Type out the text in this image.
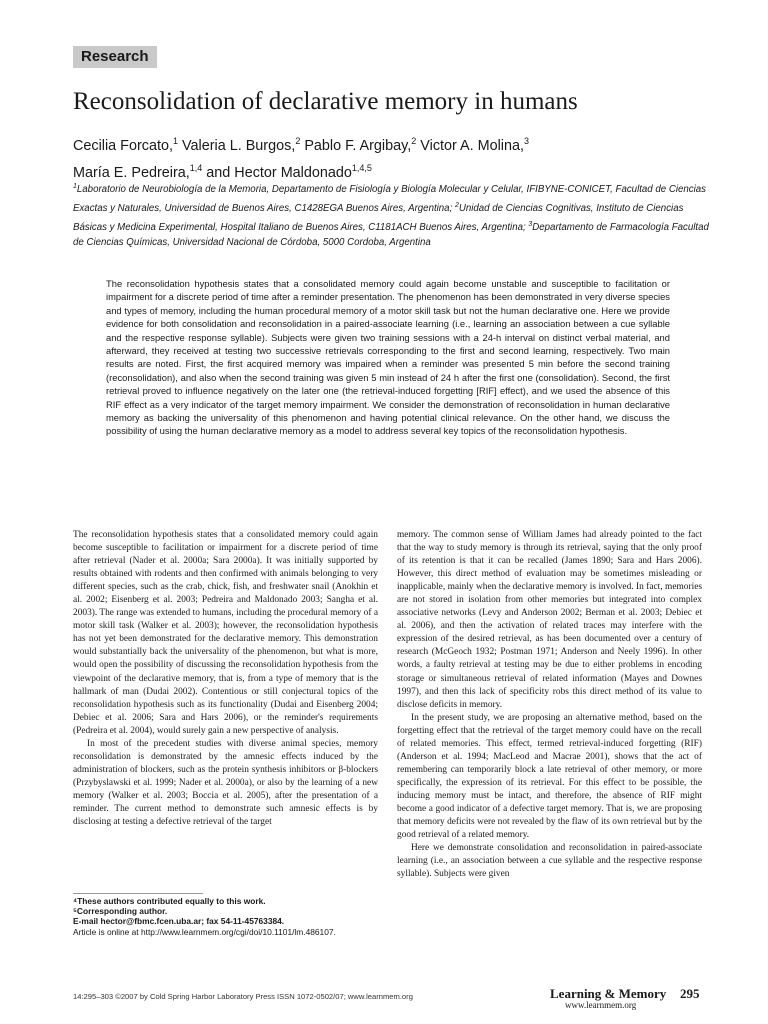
Research
Reconsolidation of declarative memory in humans
Cecilia Forcato,$^1$ Valeria L. Burgos,$^2$ Pablo F. Argibay,$^2$ Victor A. Molina,$^3$
María E. Pedreira,$^{1,4}$ and Hector Maldonado$^{1,4,5}$
$^1$Laboratorio de Neurobiología de la Memoria, Departamento de Fisiología y Biología Molecular y Celular, IFIBYNE-CONICET, Facultad de Ciencias Exactas y Naturales, Universidad de Buenos Aires, C1428EGA Buenos Aires, Argentina; $^2$Unidad de Ciencias Cognitivas, Instituto de Ciencias Básicas y Medicina Experimental, Hospital Italiano de Buenos Aires, C1181ACH Buenos Aires, Argentina; $^3$Departamento de Farmacología Facultad de Ciencias Químicas, Universidad Nacional de Córdoba, 5000 Cordoba, Argentina
The reconsolidation hypothesis states that a consolidated memory could again become unstable and susceptible to facilitation or impairment for a discrete period of time after a reminder presentation. The phenomenon has been demonstrated in very diverse species and types of memory, including the human procedural memory of a motor skill task but not the human declarative one. Here we provide evidence for both consolidation and reconsolidation in a paired-associate learning (i.e., learning an association between a cue syllable and the respective response syllable). Subjects were given two training sessions with a 24-h interval on distinct verbal material, and afterward, they received at testing two successive retrievals corresponding to the first and second learning, respectively. Two main results are noted. First, the first acquired memory was impaired when a reminder was presented 5 min before the second training (reconsolidation), and also when the second training was given 5 min instead of 24 h after the first one (consolidation). Second, the first retrieval proved to influence negatively on the later one (the retrieval-induced forgetting [RIF] effect), and we used the absence of this RIF effect as a very indicator of the target memory impairment. We consider the demonstration of reconsolidation in human declarative memory as backing the universality of this phenomenon and having potential clinical relevance. On the other hand, we discuss the possibility of using the human declarative memory as a model to address several key topics of the reconsolidation hypothesis.

The reconsolidation hypothesis states that a consolidated memory could again become susceptible to facilitation or impairment for a discrete period of time after retrieval (Nader et al. 2000a; Sara 2000a). It was initially supported by results obtained with rodents and then confirmed with animals belonging to very different species, such as the crab, chick, fish, and freshwater snail (Anokhin et al. 2002; Eisenberg et al. 2003; Pedreira and Maldonado 2003; Sangha et al. 2003). The range was extended to humans, including the procedural memory of a motor skill task (Walker et al. 2003); however, the reconsolidation hypothesis has not yet been demonstrated for the declarative memory. This demonstration would substantially back the universality of the phenomenon, but what is more, would open the possibility of discussing the reconsolidation hypothesis from the viewpoint of the declarative memory, that is, from a type of memory that is the hallmark of man (Dudai 2002). Contentious or still conjectural topics of the reconsolidation hypothesis such as its functionality (Dudai and Eisenberg 2004; Debiec et al. 2006; Sara and Hars 2006), or the reminder's requirements (Pedreira et al. 2004), would surely gain a new perspective of analysis.

In most of the precedent studies with diverse animal species, memory reconsolidation is demonstrated by the amnesic effects induced by the administration of blockers, such as the protein synthesis inhibitors or β-blockers (Przybyslawski et al. 1999; Nader et al. 2000a), or also by the learning of a new memory (Walker et al. 2003; Boccia et al. 2005), after the presentation of a reminder. The current method to demonstrate such amnesic effects is by disclosing at testing a defective retrieval of the target

memory. The common sense of William James had already pointed to the fact that the way to study memory is through its retrieval, saying that the only proof of its retention is that it can be recalled (James 1890; Sara and Hars 2006). However, this direct method of evaluation may be sometimes misleading or inapplicable, mainly when the declarative memory is involved. In fact, memories are not stored in isolation from other memories but integrated into complex associative networks (Levy and Anderson 2002; Berman et al. 2003; Debiec et al. 2006), and then the activation of related traces may interfere with the expression of the desired retrieval, as has been documented over a century of research (McGeoch 1932; Postman 1971; Anderson and Neely 1996). In other words, a faulty retrieval at testing may be due to either problems in encoding storage or simultaneous retrieval of related information (Mayes and Downes 1997), and then this lack of specificity robs this direct method of its value to disclose deficits in memory.

In the present study, we are proposing an alternative method, based on the forgetting effect that the retrieval of the target memory could have on the recall of related memories. This effect, termed retrieval-induced forgetting (RIF) (Anderson et al. 1994; MacLeod and Macrae 2001), shows that the act of remembering can temporarily block a late retrieval of other memory, or more specifically, the expression of its retrieval. For this effect to be possible, the inducing memory must be intact, and therefore, the absence of RIF might become a good indicator of a defective target memory. That is, we are proposing that memory deficits were not revealed by the flaw of its own retrieval but by the good retrieval of a related memory.

Here we demonstrate consolidation and reconsolidation in paired-associate learning (i.e., an association between a cue syllable and the respective response syllable). Subjects were given

⁴These authors contributed equally to this work.
⁵Corresponding author.
E-mail hector@fbmc.fcen.uba.ar; fax 54-11-45763384.
Article is online at http://www.learnmem.org/cgi/doi/10.1101/lm.486107.
14:295–303 ©2007 by Cold Spring Harbor Laboratory Press ISSN 1072-0502/07; www.learnmem.org	Learning & Memory 295
www.learnmem.org
